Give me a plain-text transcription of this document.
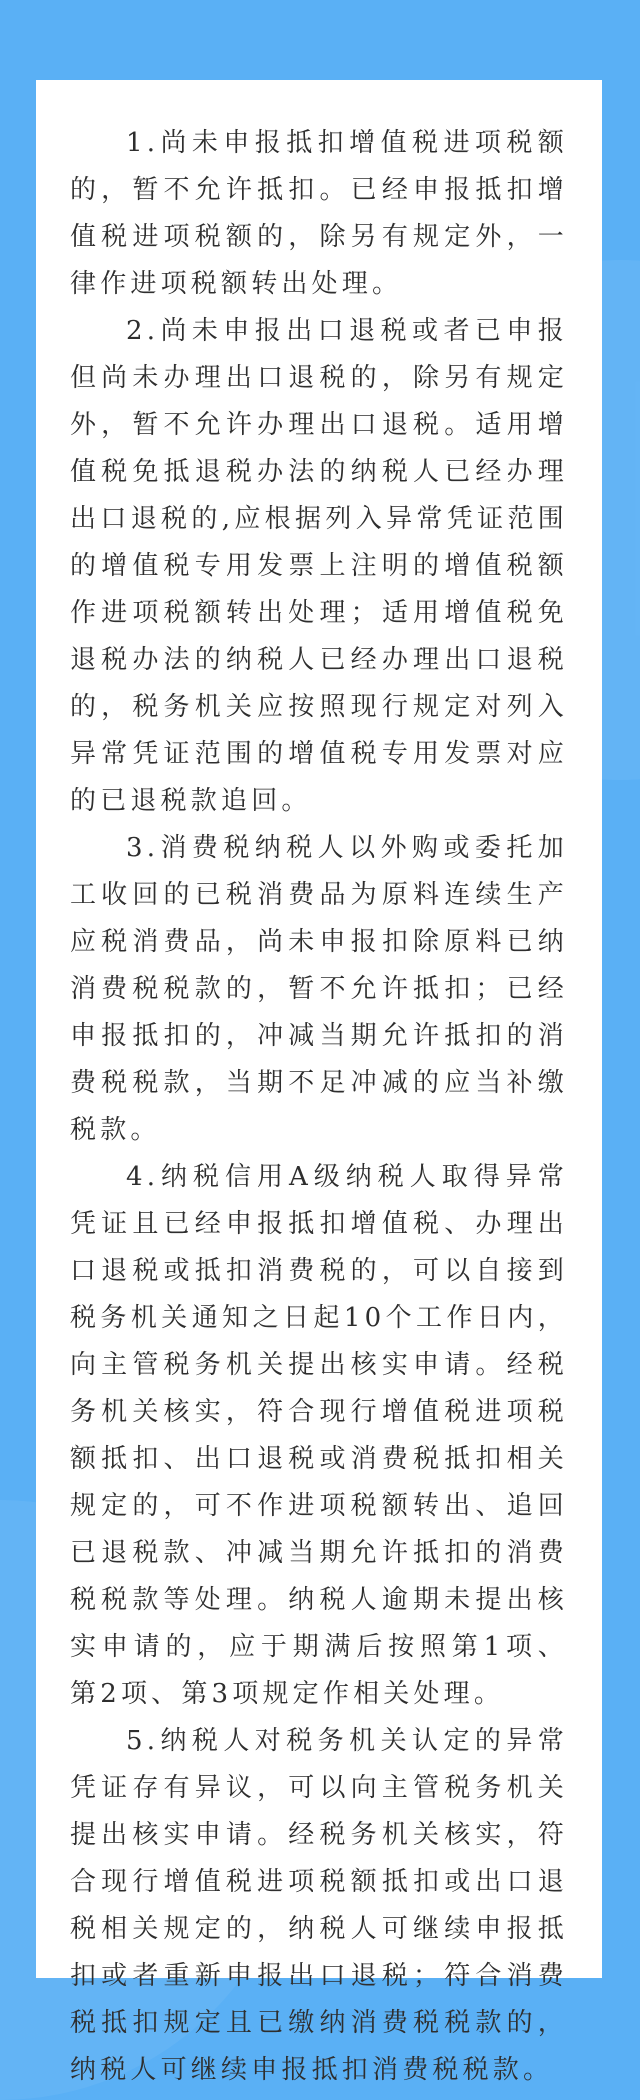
1.尚未申报抵扣增值税进项税额的，暂不允许抵扣。已经申报抵扣增值税进项税额的，除另有规定外，一律作进项税额转出处理。

2.尚未申报出口退税或者已申报但尚未办理出口退税的，除另有规定外，暂不允许办理出口退税。适用增值税免抵退税办法的纳税人已经办理出口退税的,应根据列入异常凭证范围的增值税专用发票上注明的增值税额作进项税额转出处理；适用增值税免退税办法的纳税人已经办理出口退税的，税务机关应按照现行规定对列入异常凭证范围的增值税专用发票对应的已退税款追回。

3.消费税纳税人以外购或委托加工收回的已税消费品为原料连续生产应税消费品，尚未申报扣除原料已纳消费税税款的，暂不允许抵扣；已经申报抵扣的，冲减当期允许抵扣的消费税税款，当期不足冲减的应当补缴税款。

4.纳税信用A级纳税人取得异常凭证且已经申报抵扣增值税、办理出口退税或抵扣消费税的，可以自接到税务机关通知之日起10个工作日内，向主管税务机关提出核实申请。经税务机关核实，符合现行增值税进项税额抵扣、出口退税或消费税抵扣相关规定的，可不作进项税额转出、追回已退税款、冲减当期允许抵扣的消费税税款等处理。纳税人逾期未提出核实申请的，应于期满后按照第1项、第2项、第3项规定作相关处理。

5.纳税人对税务机关认定的异常凭证存有异议，可以向主管税务机关提出核实申请。经税务机关核实，符合现行增值税进项税额抵扣或出口退税相关规定的，纳税人可继续申报抵扣或者重新申报出口退税；符合消费税抵扣规定且已缴纳消费税税款的，纳税人可继续申报抵扣消费税税款。
